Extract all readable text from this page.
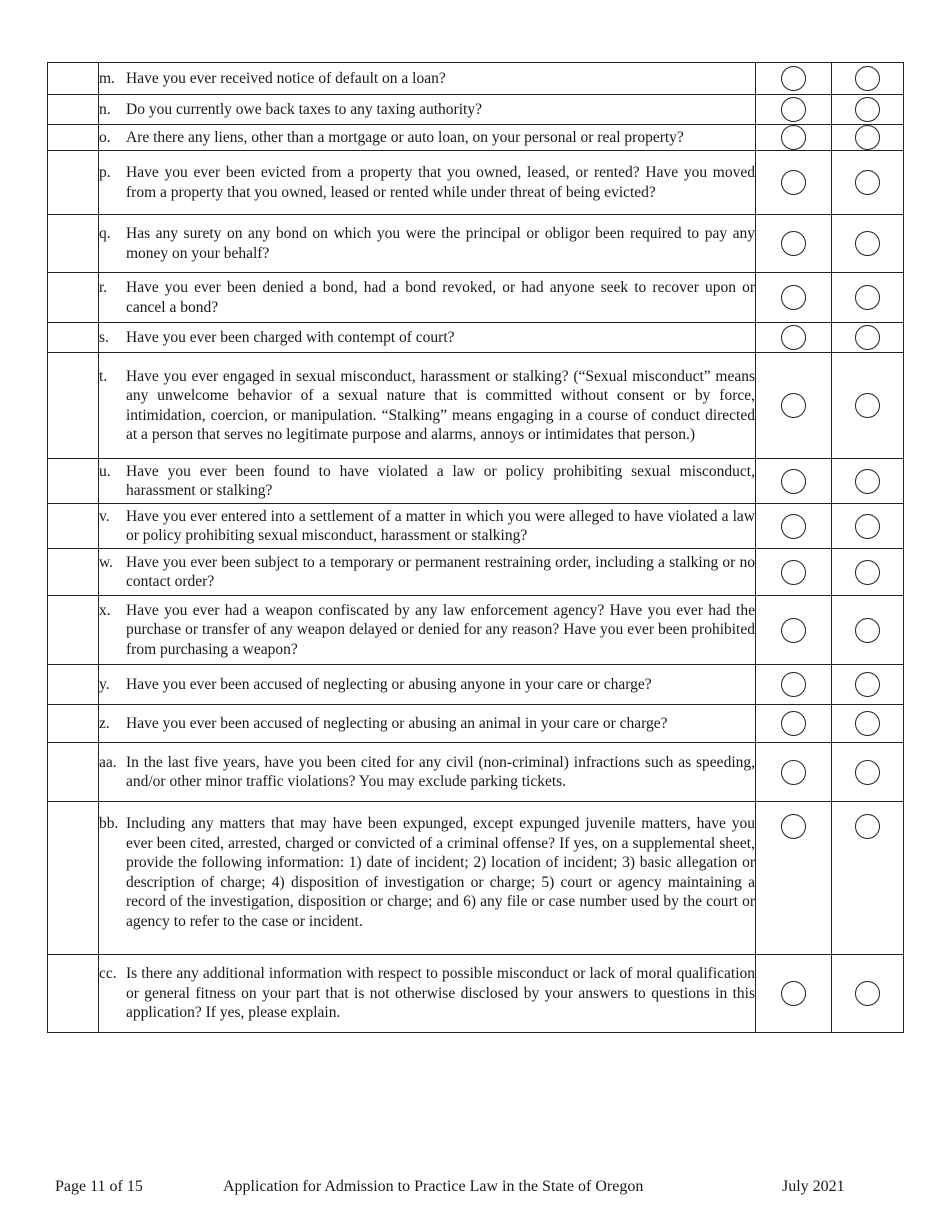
	m. Have you ever received notice of default on a loan?		

	n. Do you currently owe back taxes to any taxing authority?		

	o. Are there any liens, other than a mortgage or auto loan, on your personal or real property?		

	p. Have you ever been evicted from a property that you owned, leased, or rented? Have you moved from a property that you owned, leased or rented while under threat of being evicted?		

	q. Has any surety on any bond on which you were the principal or obligor been required to pay any money on your behalf?		

	r. Have you ever been denied a bond, had a bond revoked, or had anyone seek to recover upon or cancel a bond?		

	s. Have you ever been charged with contempt of court?		

	t. Have you ever engaged in sexual misconduct, harassment or stalking? (“Sexual misconduct” means any unwelcome behavior of a sexual nature that is committed without consent or by force, intimidation, coercion, or manipulation. “Stalking” means engaging in a course of conduct directed at a person that serves no legitimate purpose and alarms, annoys or intimidates that person.)		

	u. Have you ever been found to have violated a law or policy prohibiting sexual misconduct, harassment or stalking?		

	v. Have you ever entered into a settlement of a matter in which you were alleged to have violated a law or policy prohibiting sexual misconduct, harassment or stalking?		

	w. Have you ever been subject to a temporary or permanent restraining order, including a stalking or no contact order?		

	x. Have you ever had a weapon confiscated by any law enforcement agency? Have you ever had the purchase or transfer of any weapon delayed or denied for any reason? Have you ever been prohibited from purchasing a weapon?		

	y. Have you ever been accused of neglecting or abusing anyone in your care or charge?		

	z. Have you ever been accused of neglecting or abusing an animal in your care or charge?		

	aa. In the last five years, have you been cited for any civil (non-criminal) infractions such as speeding, and/or other minor traffic violations? You may exclude parking tickets.		

	bb. Including any matters that may have been expunged, except expunged juvenile matters, have you ever been cited, arrested, charged or convicted of a criminal offense? If yes, on a supplemental sheet, provide the following information: 1) date of incident; 2) location of incident; 3) basic allegation or description of charge; 4) disposition of investigation or charge; 5) court or agency maintaining a record of the investigation, disposition or charge; and 6) any file or case number used by the court or agency to refer to the case or incident.		

	cc. Is there any additional information with respect to possible misconduct or lack of moral qualification or general fitness on your part that is not otherwise disclosed by your answers to questions in this application? If yes, please explain.		

Page 11 of 15	Application for Admission to Practice Law in the State of Oregon	July 2021
